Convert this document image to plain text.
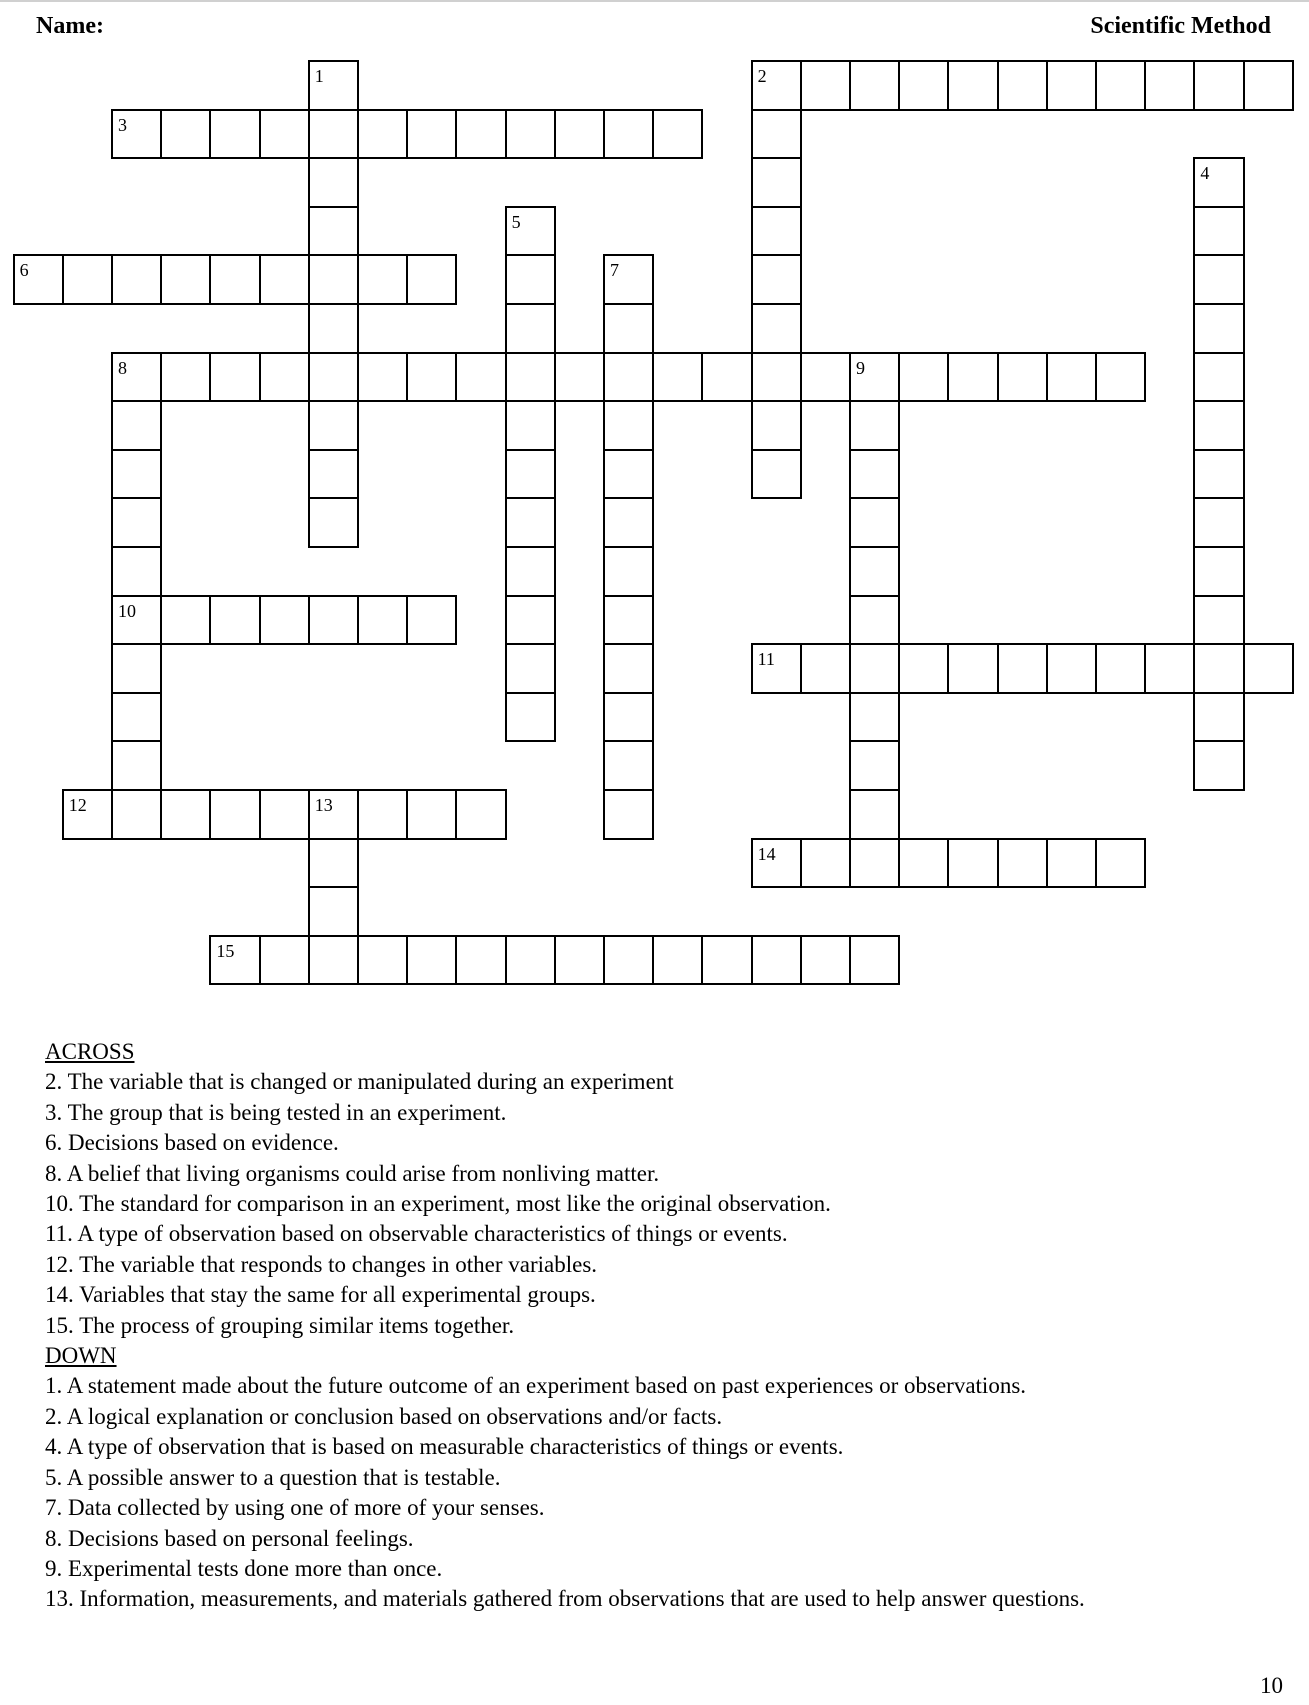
Name:	Scientific Method
1	2
3
4
5
6	7
8	9
10
11
12	13
14
15
ACROSS
2. The variable that is changed or manipulated during an experiment
3. The group that is being tested in an experiment.
6. Decisions based on evidence.
8. A belief that living organisms could arise from nonliving matter.
10. The standard for comparison in an experiment, most like the original observation.
11. A type of observation based on observable characteristics of things or events.
12. The variable that responds to changes in other variables.
14. Variables that stay the same for all experimental groups.
15. The process of grouping similar items together.
DOWN
1. A statement made about the future outcome of an experiment based on past experiences or observations.
2. A logical explanation or conclusion based on observations and/or facts.
4. A type of observation that is based on measurable characteristics of things or events.
5. A possible answer to a question that is testable.
7. Data collected by using one of more of your senses.
8. Decisions based on personal feelings.
9. Experimental tests done more than once.
13. Information, measurements, and materials gathered from observations that are used to help answer questions.
10
